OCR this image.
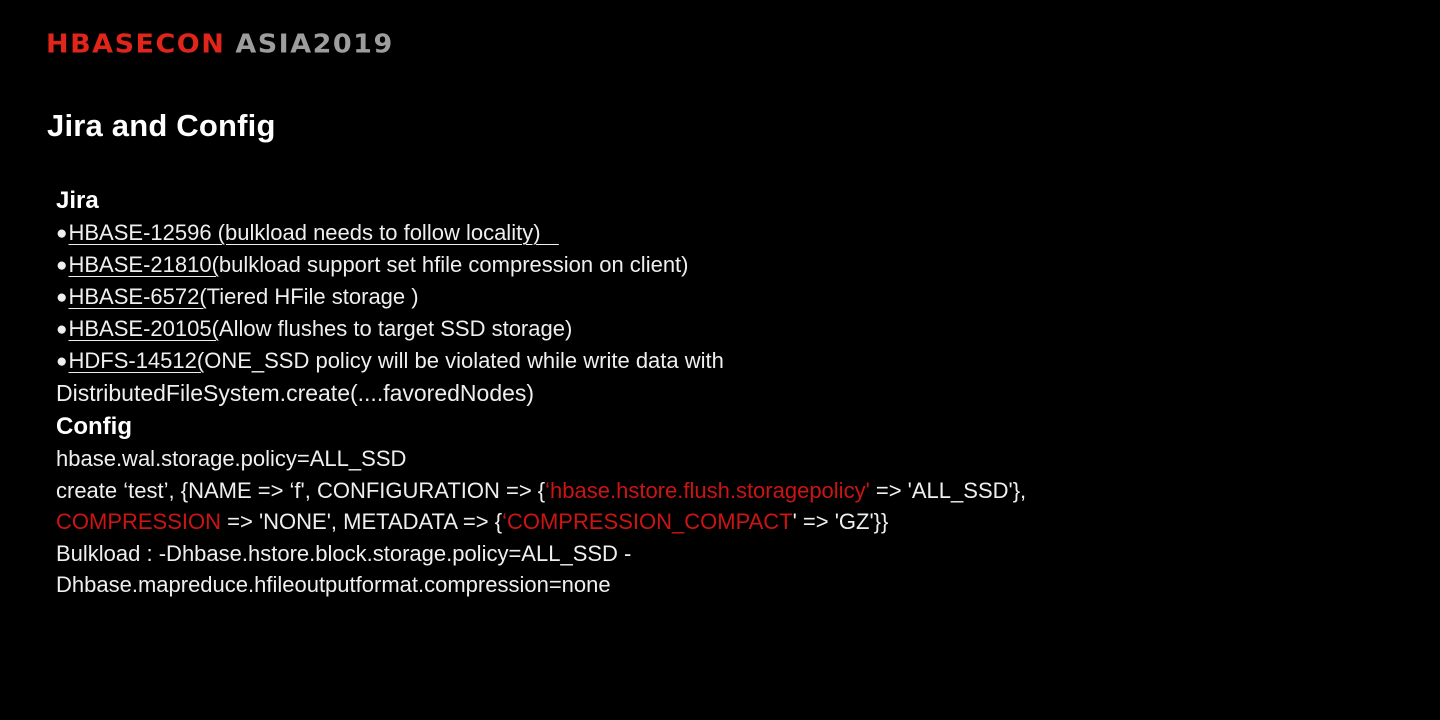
HBASECON ASIA2019
Jira and Config
Jira
●HBASE-12596 (bulkload needs to follow locality)
●HBASE-21810(bulkload support set hfile compression on client)
●HBASE-6572(Tiered HFile storage )
●HBASE-20105(Allow flushes to target SSD storage)
●HDFS-14512(ONE_SSD policy will be violated while write data with
DistributedFileSystem.create(....favoredNodes)
Config
hbase.wal.storage.policy=ALL_SSD
create ‘test’, {NAME => ‘f', CONFIGURATION => {‘hbase.hstore.flush.storagepolicy' => 'ALL_SSD'},
COMPRESSION => 'NONE', METADATA => {‘COMPRESSION_COMPACT' => 'GZ'}}
Bulkload : -Dhbase.hstore.block.storage.policy=ALL_SSD -
Dhbase.mapreduce.hfileoutputformat.compression=none
